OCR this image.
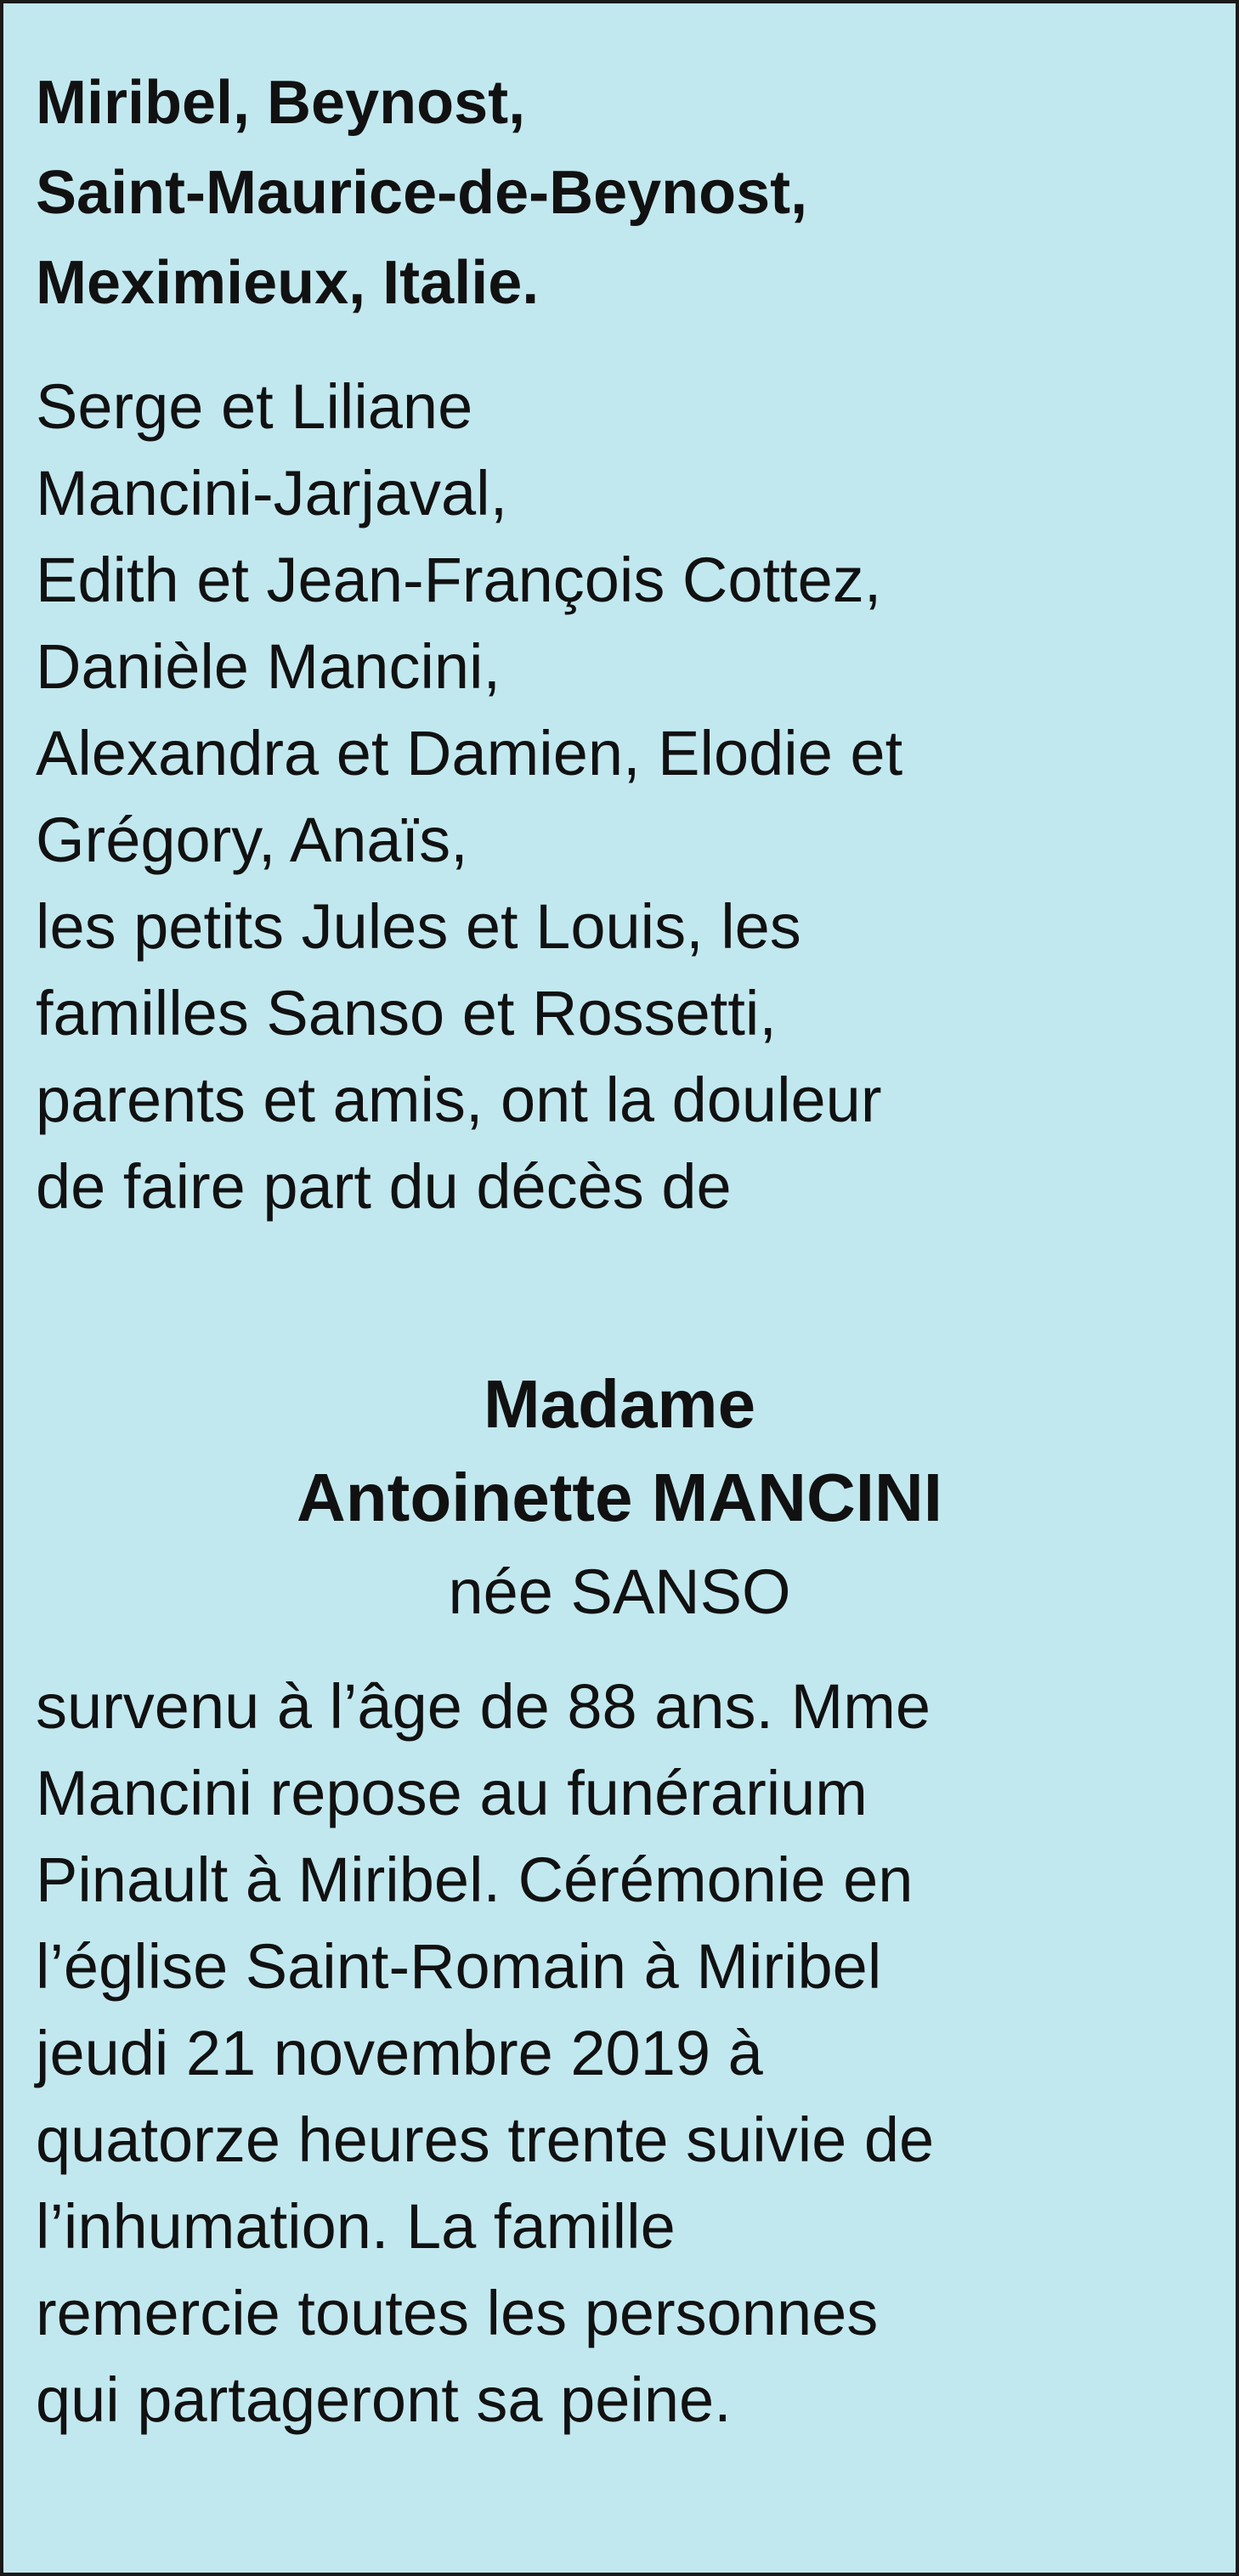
Miribel, Beynost,
Saint-Maurice-de-Beynost,
Meximieux, Italie.

Serge et Liliane
Mancini-Jarjaval,
Edith et Jean-François Cottez,
Danièle Mancini,
Alexandra et Damien, Elodie et
Grégory, Anaïs,
les petits Jules et Louis, les
familles Sanso et Rossetti,
parents et amis, ont la douleur
de faire part du décès de

Madame
Antoinette MANCINI
née SANSO

survenu à l’âge de 88 ans. Mme
Mancini repose au funérarium
Pinault à Miribel. Cérémonie en
l’église Saint-Romain à Miribel
jeudi 21 novembre 2019 à
quatorze heures trente suivie de
l’inhumation. La famille
remercie toutes les personnes
qui partageront sa peine.
